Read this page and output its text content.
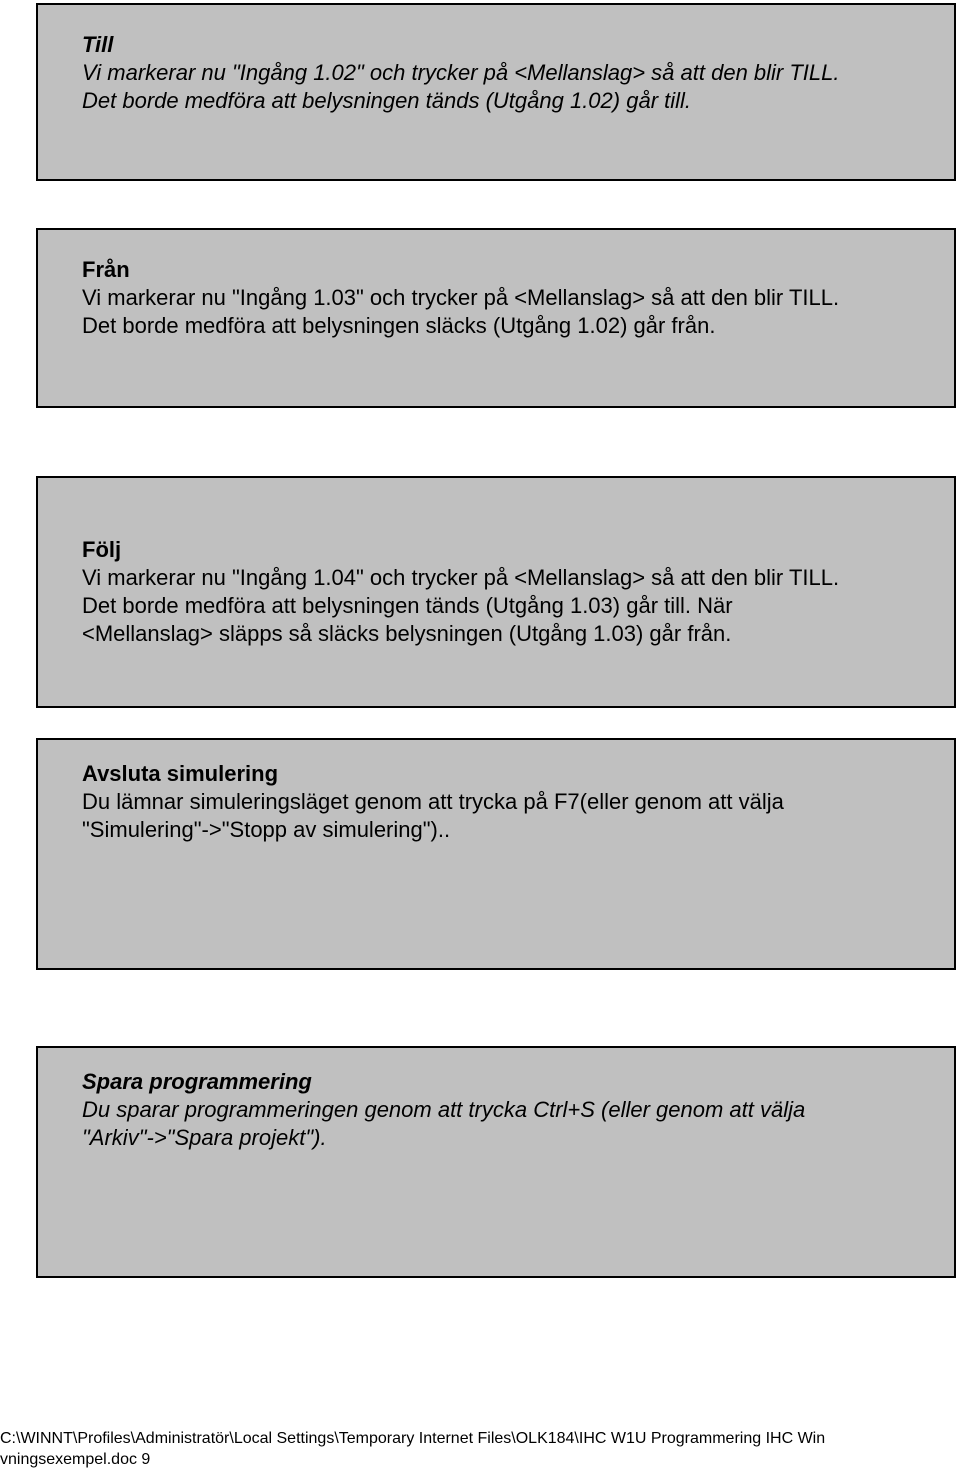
Till

Vi markerar nu "Ingång 1.02" och trycker på <Mellanslag> så att den blir TILL.
Det borde medföra att belysningen tänds (Utgång 1.02) går till.

Från

Vi markerar nu "Ingång 1.03" och trycker på <Mellanslag> så att den blir TILL.
Det borde medföra att belysningen släcks (Utgång 1.02) går från.

Följ

Vi markerar nu "Ingång 1.04" och trycker på <Mellanslag> så att den blir TILL.
Det borde medföra att belysningen tänds (Utgång 1.03) går till. När
<Mellanslag> släpps så släcks belysningen (Utgång 1.03) går från.

Avsluta simulering

Du lämnar simuleringsläget genom att trycka på F7(eller genom att välja
"Simulering"->"Stopp av simulering")..

Spara programmering

Du sparar programmeringen genom att trycka Ctrl+S (eller genom att välja
"Arkiv"->"Spara projekt").

C:\WINNT\Profiles\Administratör\Local Settings\Temporary Internet Files\OLK184\IHC W1U Programmering IHC Win
vningsexempel.doc 9
